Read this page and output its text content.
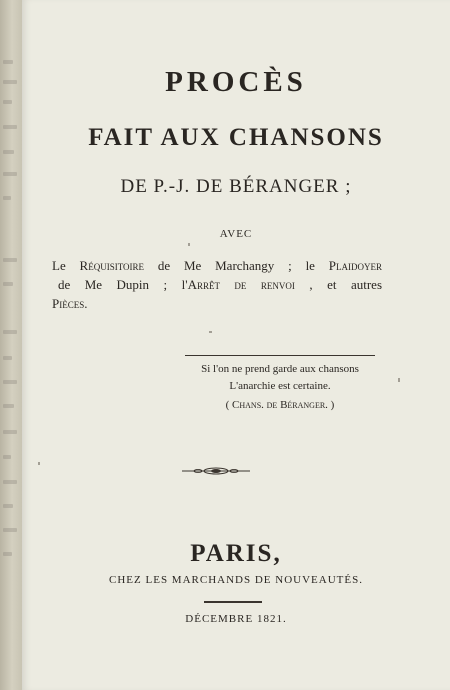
PROCÈS
FAIT AUX CHANSONS
DE P.-J. DE BÉRANGER ;
AVEC
Le Réquisitoire de Me Marchangy ; le Plaidoyer
de Me Dupin ; l'Arrêt de renvoi , et autres
Pièces.
Si l'on ne prend garde aux chansons
L'anarchie est certaine.
( Chans. de Béranger. )
PARIS,
CHEZ LES MARCHANDS DE NOUVEAUTÉS.
DÉCEMBRE 1821.
